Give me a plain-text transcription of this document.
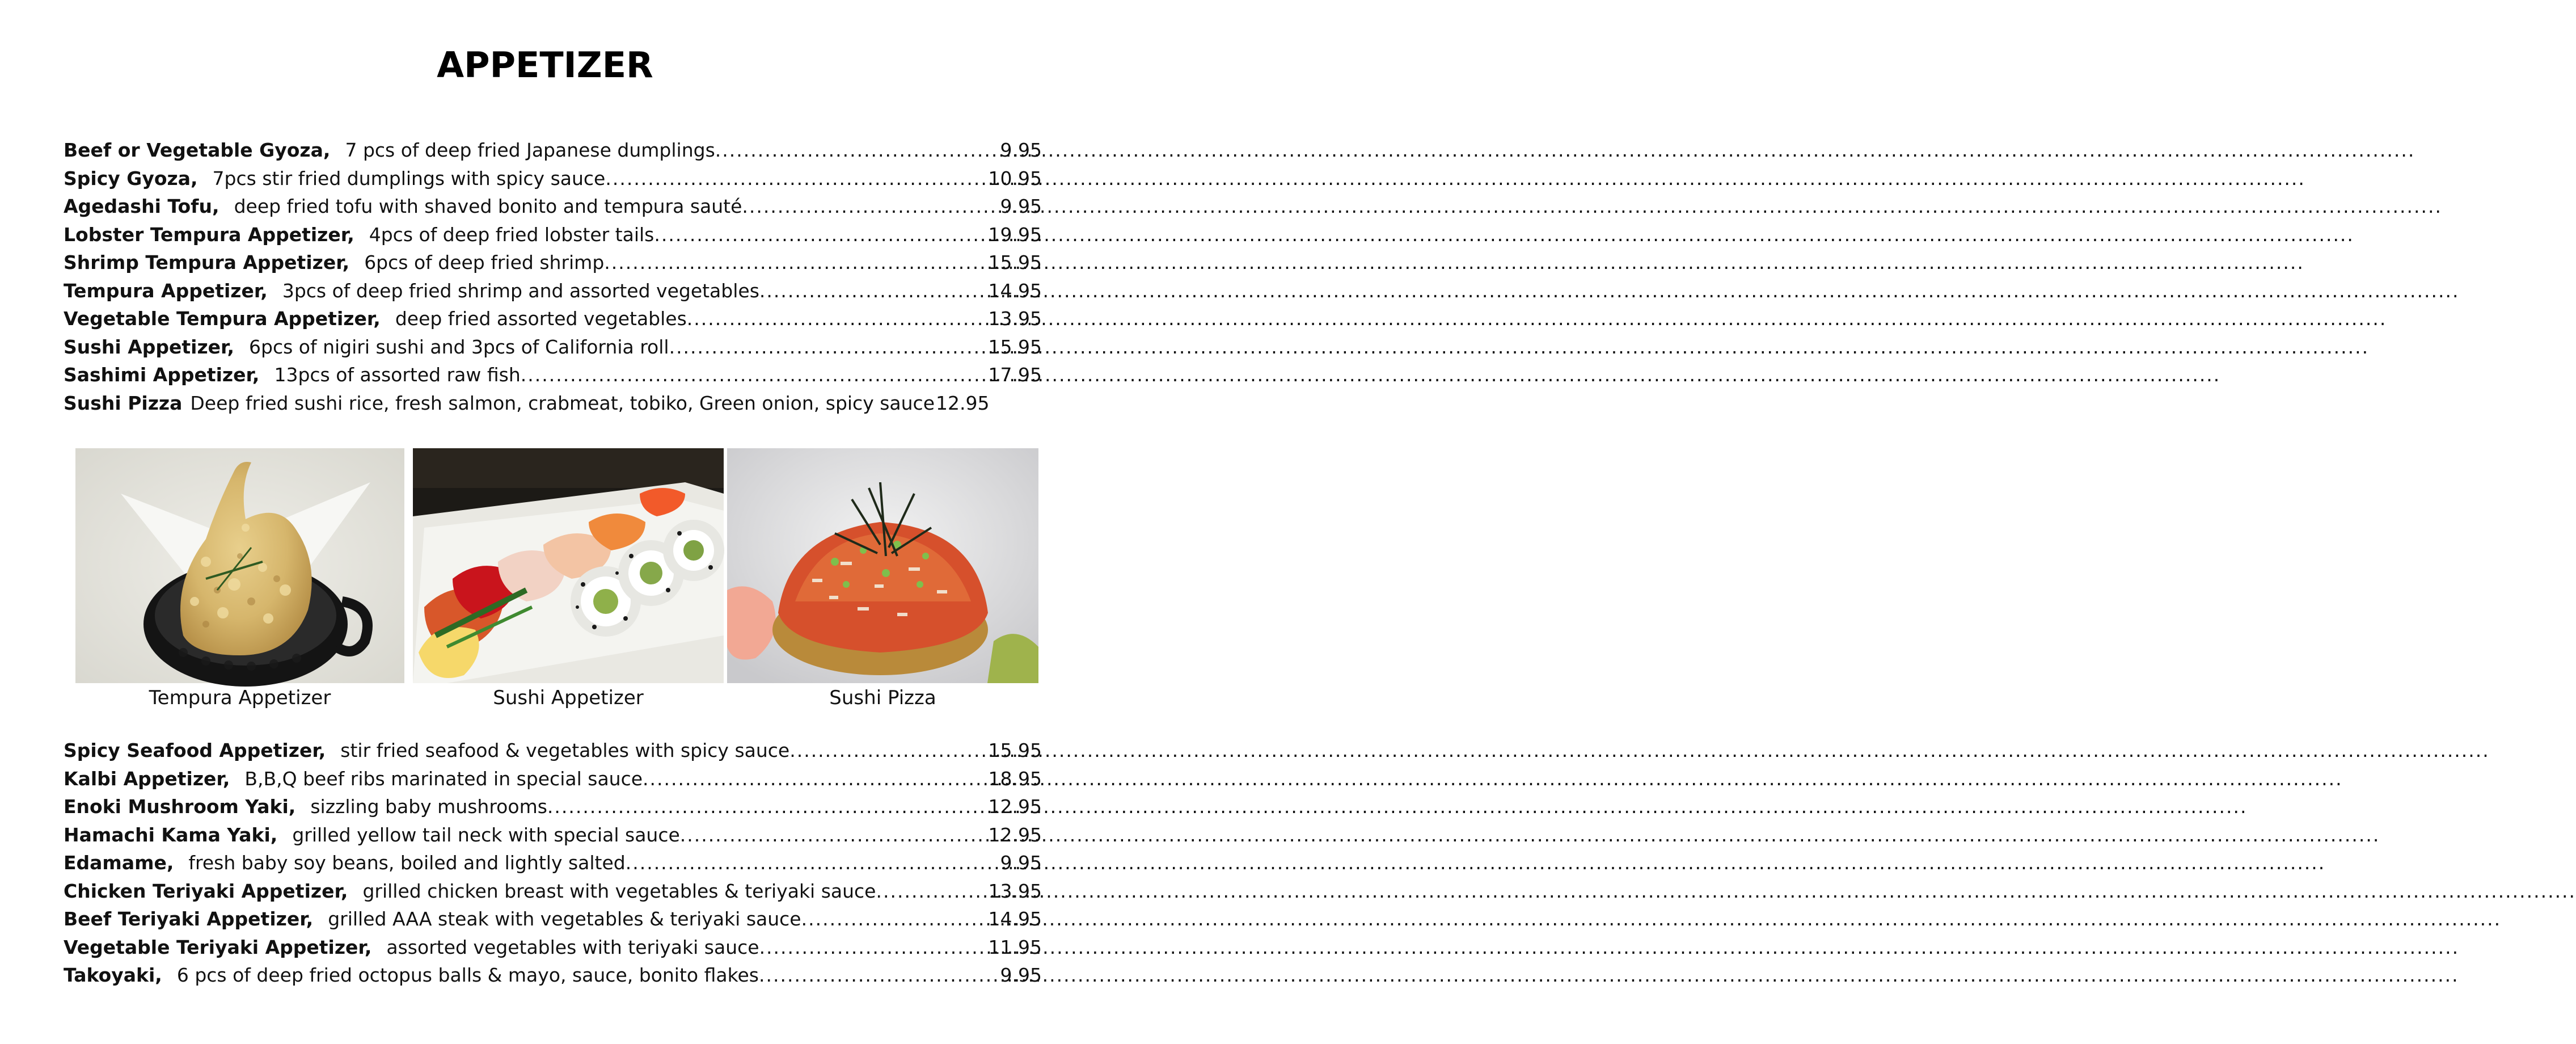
APPETIZER
Beef or Vegetable Gyoza, 7 pcs of deep fried Japanese dumplings .....	9.95
Spicy Gyoza, 7pcs stir fried dumplings with spicy sauce .....	10.95
Agedashi Tofu, deep fried tofu with shaved bonito and tempura sauté .....	9.95
Lobster Tempura Appetizer, 4pcs of deep fried lobster tails .....	19.95
Shrimp Tempura Appetizer, 6pcs of deep fried shrimp .....	15.95
Tempura Appetizer, 3pcs of deep fried shrimp and assorted vegetables .....	14.95
Vegetable Tempura Appetizer, deep fried assorted vegetables .....	13.95
Sushi Appetizer, 6pcs of nigiri sushi and 3pcs of California roll .....	15.95
Sashimi Appetizer, 13pcs of assorted raw fish .....	17.95
Sushi Pizza Deep fried sushi rice, fresh salmon, crabmeat, tobiko, Green onion, spicy sauce 12.95
Tempura Appetizer	Sushi Appetizer	Sushi Pizza
Spicy Seafood Appetizer, stir fried seafood & vegetables with spicy sauce .....	15.95
Kalbi Appetizer, B,B,Q beef ribs marinated in special sauce .....	18.95
Enoki Mushroom Yaki, sizzling baby mushrooms .....	12.95
Hamachi Kama Yaki, grilled yellow tail neck with special sauce .....	12.95
Edamame, fresh baby soy beans, boiled and lightly salted .....	9.95
Chicken Teriyaki Appetizer, grilled chicken breast with vegetables & teriyaki sauce .....	13.95
Beef Teriyaki Appetizer, grilled AAA steak with vegetables & teriyaki sauce .....	14.95
Vegetable Teriyaki Appetizer, assorted vegetables with teriyaki sauce .....	11.95
Takoyaki, 6 pcs of deep fried octopus balls & mayo, sauce, bonito flakes .....	9.95
